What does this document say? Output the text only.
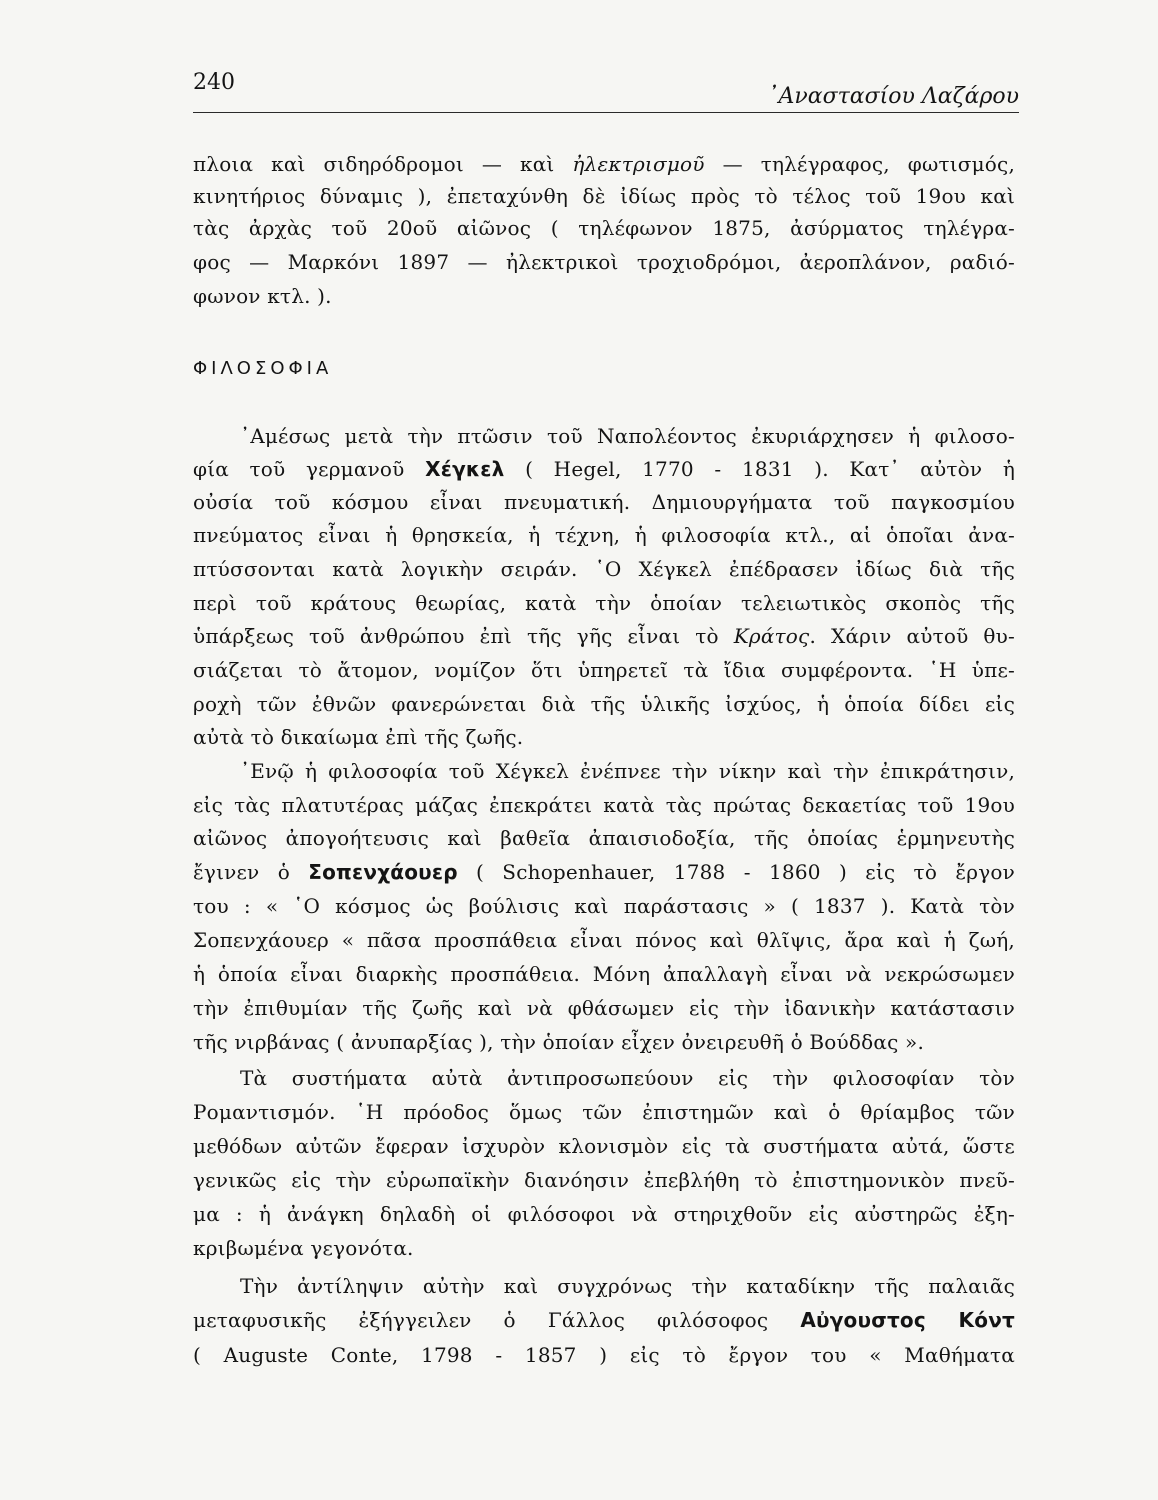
240
᾿Αναστασίου Λαζάρου
πλοια καὶ σιδηρόδρομοι — καὶ ἠλεκτρισμοῦ — τηλέγραφος, φωτισμός,
κινητήριος δύναμις ), ἐπεταχύνθη δὲ ἰδίως πρὸς τὸ τέλος τοῦ 19ου καὶ
τὰς ἀρχὰς τοῦ 20οῦ αἰῶνος ( τηλέφωνον 1875, ἀσύρματος τηλέγρα-
φος — Μαρκόνι 1897 — ἠλεκτρικοὶ τροχιοδρόμοι, ἀεροπλάνον, ραδιό-
φωνον κτλ. ).
ΦΙΛΟΣΟΦΙΑ
᾿Αμέσως μετὰ τὴν πτῶσιν τοῦ Ναπολέοντος ἐκυριάρχησεν ἡ φιλοσο-
φία τοῦ γερμανοῦ Χέγκελ ( Hegel, 1770 - 1831 ). Κατ᾿ αὐτὸν ἡ
οὐσία τοῦ κόσμου εἶναι πνευματική. Δημιουργήματα τοῦ παγκοσμίου
πνεύματος εἶναι ἡ θρησκεία, ἡ τέχνη, ἡ φιλοσοφία κτλ., αἱ ὁποῖαι ἀνα-
πτύσσονται κατὰ λογικὴν σειράν. ῾Ο Χέγκελ ἐπέδρασεν ἰδίως διὰ τῆς
περὶ τοῦ κράτους θεωρίας, κατὰ τὴν ὁποίαν τελειωτικὸς σκοπὸς τῆς
ὑπάρξεως τοῦ ἀνθρώπου ἐπὶ τῆς γῆς εἶναι τὸ Κράτος. Χάριν αὐτοῦ θυ-
σιάζεται τὸ ἄτομον, νομίζον ὅτι ὑπηρετεῖ τὰ ἴδια συμφέροντα. ῾Η ὑπε-
ροχὴ τῶν ἐθνῶν φανερώνεται διὰ τῆς ὑλικῆς ἰσχύος, ἡ ὁποία δίδει εἰς
αὐτὰ τὸ δικαίωμα ἐπὶ τῆς ζωῆς.
᾿Ενῷ ἡ φιλοσοφία τοῦ Χέγκελ ἐνέπνεε τὴν νίκην καὶ τὴν ἐπικράτησιν,
εἰς τὰς πλατυτέρας μάζας ἐπεκράτει κατὰ τὰς πρώτας δεκαετίας τοῦ 19ου
αἰῶνος ἀπογοήτευσις καὶ βαθεῖα ἀπαισιοδοξία, τῆς ὁποίας ἑρμηνευτὴς
ἔγινεν ὁ Σοπενχάουερ ( Schopenhauer, 1788 - 1860 ) εἰς τὸ ἔργον
του : « ῾Ο κόσμος ὡς βούλισις καὶ παράστασις » ( 1837 ). Κατὰ τὸν
Σοπενχάουερ « πᾶσα προσπάθεια εἶναι πόνος καὶ θλῖψις, ἄρα καὶ ἡ ζωή,
ἡ ὁποία εἶναι διαρκὴς προσπάθεια. Μόνη ἀπαλλαγὴ εἶναι νὰ νεκρώσωμεν
τὴν ἐπιθυμίαν τῆς ζωῆς καὶ νὰ φθάσωμεν εἰς τὴν ἰδανικὴν κατάστασιν
τῆς νιρβάνας ( ἀνυπαρξίας ), τὴν ὁποίαν εἶχεν ὀνειρευθῆ ὁ Βούδδας ».
Τὰ συστήματα αὐτὰ ἀντιπροσωπεύουν εἰς τὴν φιλοσοφίαν τὸν
Ρομαντισμόν. ῾Η πρόοδος ὅμως τῶν ἐπιστημῶν καὶ ὁ θρίαμβος τῶν
μεθόδων αὐτῶν ἔφεραν ἰσχυρὸν κλονισμὸν εἰς τὰ συστήματα αὐτά, ὥστε
γενικῶς εἰς τὴν εὐρωπαϊκὴν διανόησιν ἐπεβλήθη τὸ ἐπιστημονικὸν πνεῦ-
μα : ἡ ἀνάγκη δηλαδὴ οἱ φιλόσοφοι νὰ στηριχθοῦν εἰς αὐστηρῶς ἐξη-
κριβωμένα γεγονότα.
Τὴν ἀντίληψιν αὐτὴν καὶ συγχρόνως τὴν καταδίκην τῆς παλαιᾶς
μεταφυσικῆς ἐξήγγειλεν ὁ Γάλλος φιλόσοφος Αὐγουστος Κόντ
( Auguste Conte, 1798 - 1857 ) εἰς τὸ ἔργον του « Μαθήματα
